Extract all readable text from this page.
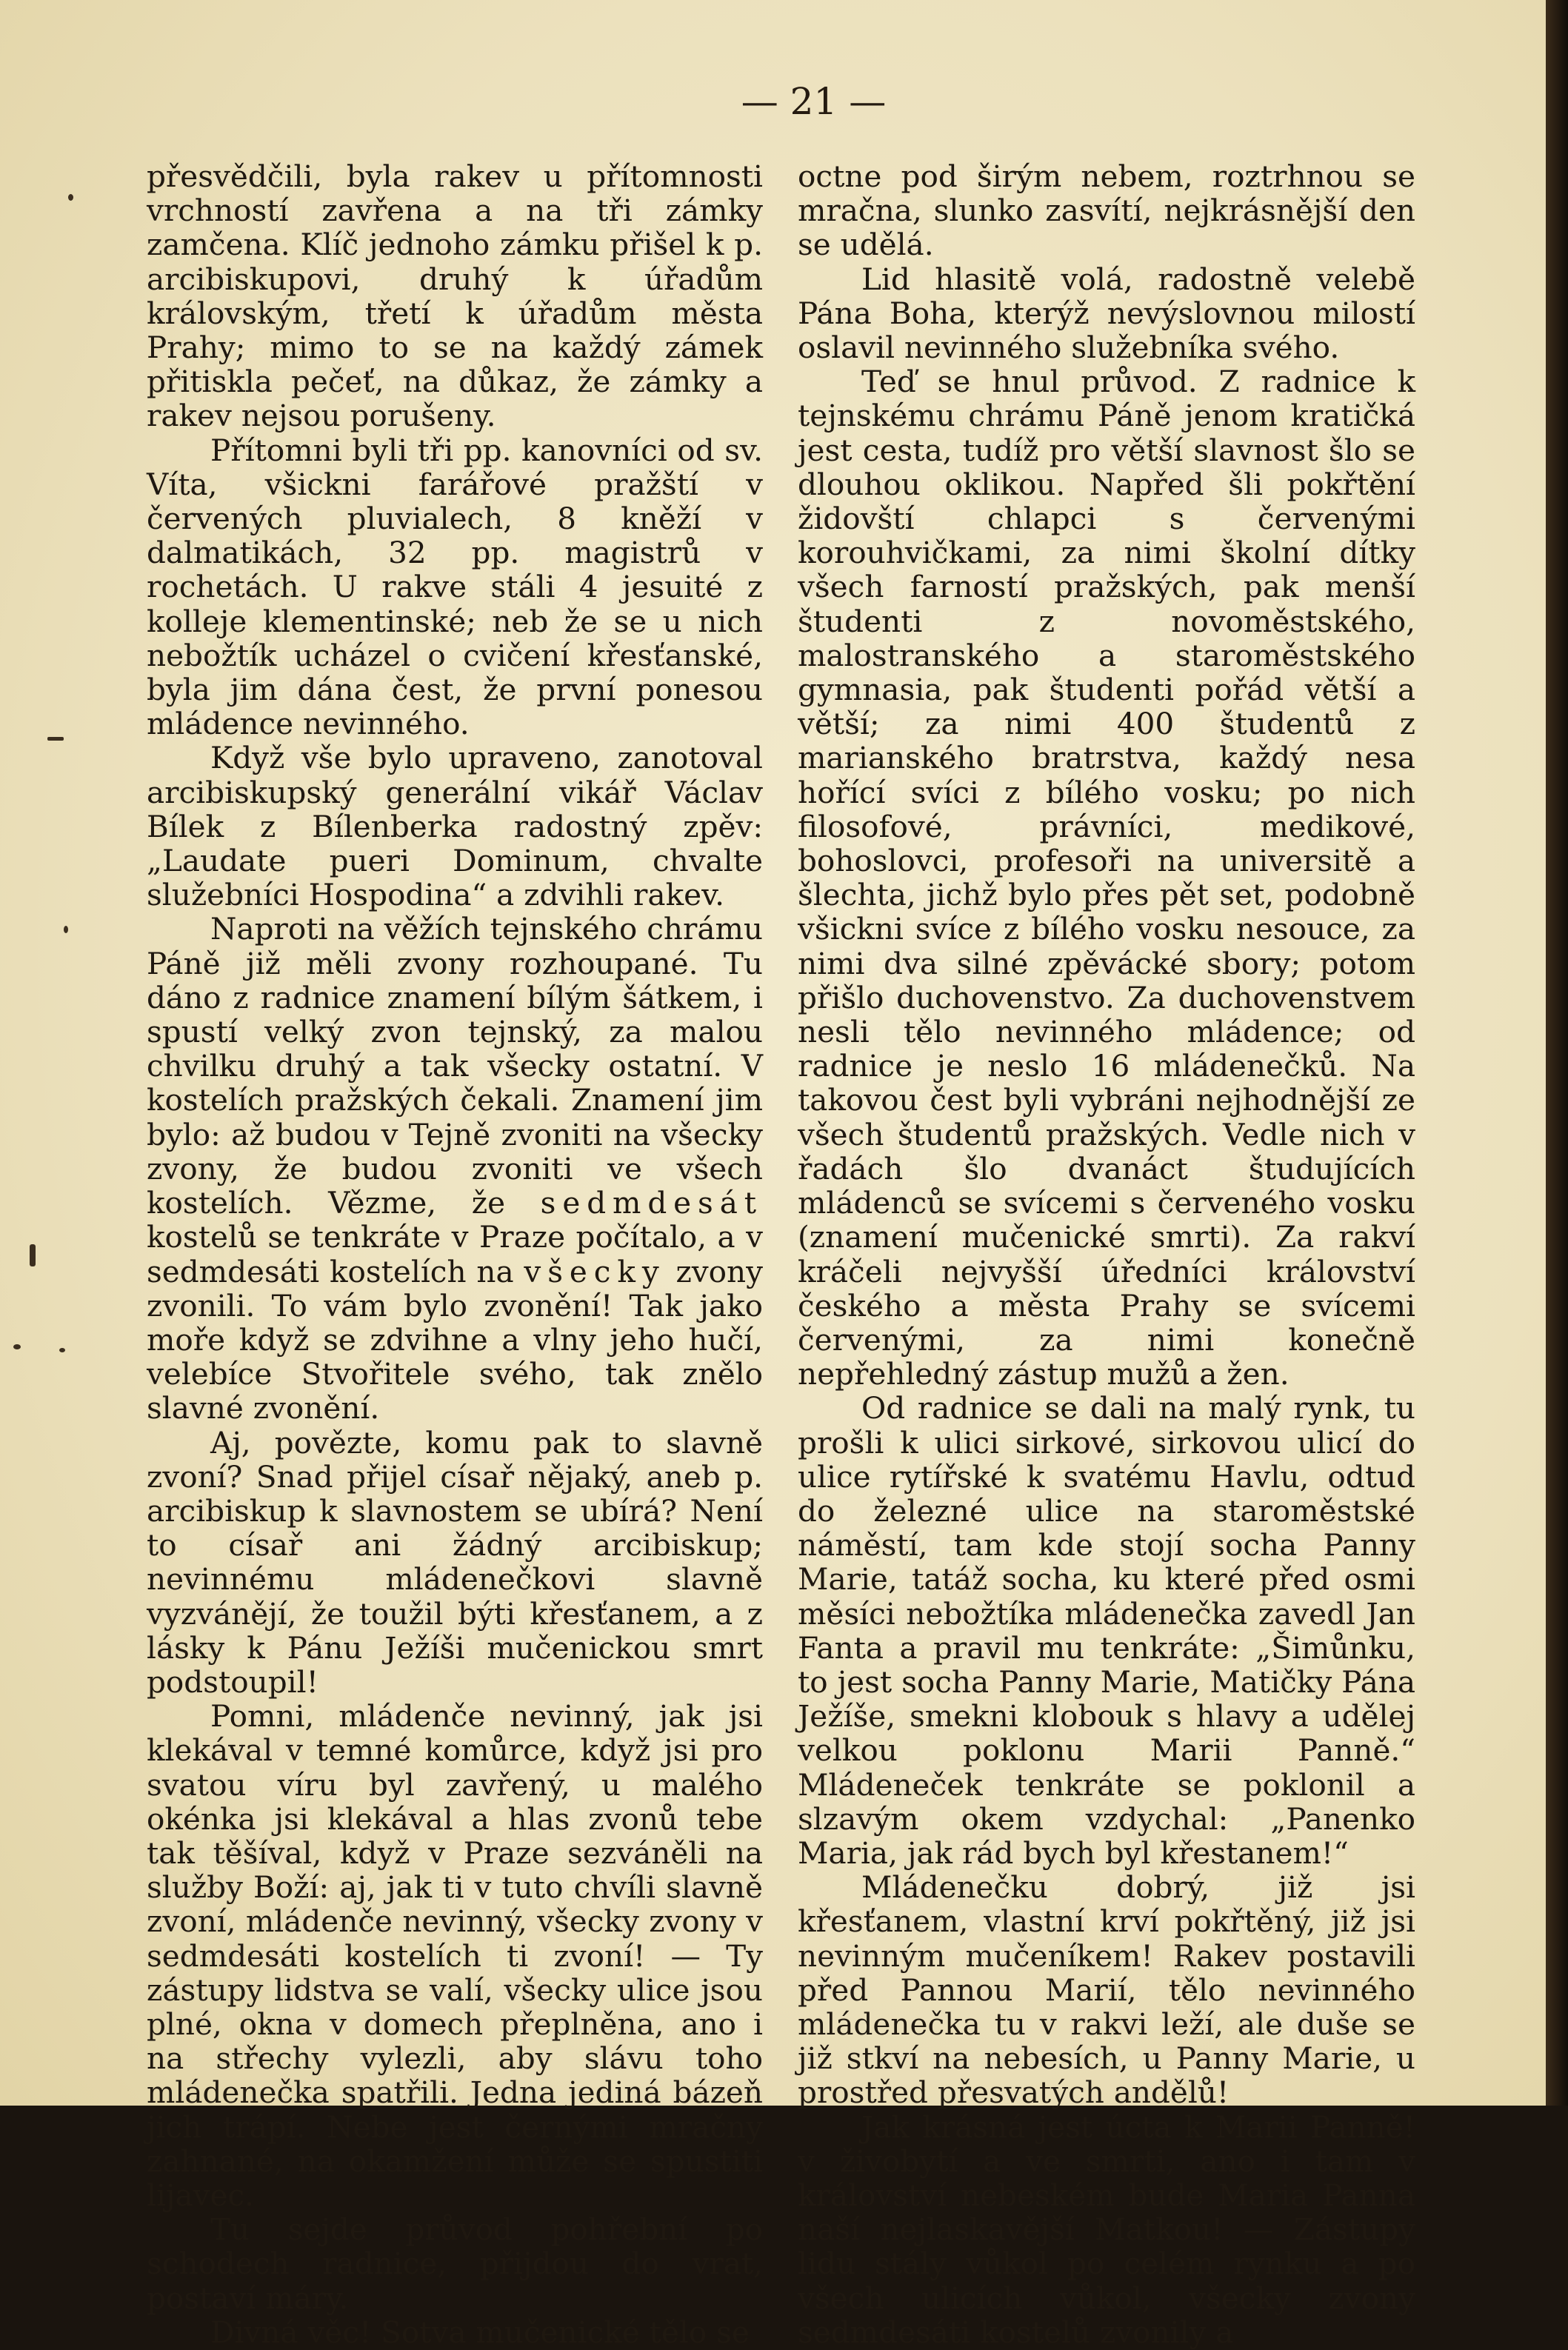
— 21 —

přesvědčili, byla rakev u přítomnosti vrchností zavřena a na tři zámky zamčena. Klíč jednoho zámku přišel k p. arcibiskupovi, druhý k úřadům královským, třetí k úřadům města Prahy; mimo to se na každý zámek přitiskla pečeť, na důkaz, že zámky a rakev nejsou porušeny.

Přítomni byli tři pp. kanovníci od sv. Víta, všickni farářové pražští v červených pluvialech, 8 kněží v dalmatikách, 32 pp. magistrů v rochetách. U rakve stáli 4 jesuité z kolleje klementinské; neb že se u nich nebožtík ucházel o cvičení křesťanské, byla jim dána čest, že první ponesou mládence nevinného.

Když vše bylo upraveno, zanotoval arcibiskupský generální vikář Václav Bílek z Bílenberka radostný zpěv: „Laudate pueri Dominum, chvalte služebníci Hospodina“ a zdvihli rakev.

Naproti na věžích tejnského chrámu Páně již měli zvony rozhoupané. Tu dáno z radnice znamení bílým šátkem, i spustí velký zvon tejnský, za malou chvilku druhý a tak všecky ostatní. V kostelích pražských čekali. Znamení jim bylo: až budou v Tejně zvoniti na všecky zvony, že budou zvoniti ve všech kostelích. Vězme, že sedmdesát kostelů se tenkráte v Praze počítalo, a v sedmdesáti kostelích na všecky zvony zvonili. To vám bylo zvonění! Tak jako moře když se zdvihne a vlny jeho hučí, velebíce Stvořitele svého, tak znělo slavné zvonění.

Aj, povězte, komu pak to slavně zvoní? Snad přijel císař nějaký, aneb p. arcibiskup k slavnostem se ubírá? Není to císař ani žádný arcibiskup; nevinnému mládenečkovi slavně vyzvánějí, že toužil býti křesťanem, a z lásky k Pánu Ježíši mučenickou smrt podstoupil!

Pomni, mládenče nevinný, jak jsi klekával v temné komůrce, když jsi pro svatou víru byl zavřený, u malého okénka jsi klekával a hlas zvonů tebe tak těšíval, když v Praze sezváněli na služby Boží: aj, jak ti v tuto chvíli slavně zvoní, mládenče nevinný, všecky zvony v sedmdesáti kostelích ti zvoní! — Ty zástupy lidstva se valí, všecky ulice jsou plné, okna v domech přeplněna, ano i na střechy vylezli, aby slávu toho mládenečka spatřili. Jedna jediná bázeň jich trápí. Nebe jest černými mračny zahnané, na okamžení může se spustiti lijavec.

Tu sejde průvod pohřební po schodech radnice, přijdou do vrat, postaví máry.

Divná věc! Sotva mučenické tělo se

octne pod širým nebem, roztrhnou se mračna, slunko zasvítí, nejkrásnější den se udělá.

Lid hlasitě volá, radostně velebě Pána Boha, kterýž nevýslovnou milostí oslavil nevinného služebníka svého.

Teď se hnul průvod. Z radnice k tejnskému chrámu Páně jenom kratičká jest cesta, tudíž pro větší slavnost šlo se dlouhou oklikou. Napřed šli pokřtění židovští chlapci s červenými korouhvičkami, za nimi školní dítky všech farností pražských, pak menší študenti z novoměstského, malostranského a staroměstského gymnasia, pak študenti pořád větší a větší; za nimi 400 študentů z marianského bratrstva, každý nesa hořící svíci z bílého vosku; po nich filosofové, právníci, medikové, bohoslovci, profesoři na universitě a šlechta, jichž bylo přes pět set, podobně všickni svíce z bílého vosku nesouce, za nimi dva silné zpěvácké sbory; potom přišlo duchovenstvo. Za duchovenstvem nesli tělo nevinného mládence; od radnice je neslo 16 mládenečků. Na takovou čest byli vybráni nejhodnější ze všech študentů pražských. Vedle nich v řadách šlo dvanáct študujících mládenců se svícemi s červeného vosku (znamení mučenické smrti). Za rakví kráčeli nejvyšší úředníci království českého a města Prahy se svícemi červenými, za nimi konečně nepřehledný zástup mužů a žen.

Od radnice se dali na malý rynk, tu prošli k ulici sirkové, sirkovou ulicí do ulice rytířské k svatému Havlu, odtud do železné ulice na staroměstské náměstí, tam kde stojí socha Panny Marie, tatáž socha, ku které před osmi měsíci nebožtíka mládenečka zavedl Jan Fanta a pravil mu tenkráte: „Šimůnku, to jest socha Panny Marie, Matičky Pána Ježíše, smekni klobouk s hlavy a udělej velkou poklonu Marii Panně.“ Mládeneček tenkráte se poklonil a slzavým okem vzdychal: „Panenko Maria, jak rád bych byl křestanem!“

Mládenečku dobrý, již jsi křesťanem, vlastní krví pokřtěný, již jsi nevinným mučeníkem! Rakev postavili před Pannou Marií, tělo nevinného mládenečka tu v rakvi leží, ale duše se již stkví na nebesích, u Panny Marie, u prostřed přesvatých andělů!

Jak krásná jest úcta k Marii Panně! v živobytí a ve smrti, ano i tam v království nebeském bude Maria Panna naší nejlaskavější Matkou! — Zástupy lidu stály vůkol po celém rynku a po všech ulicích vůkol, všecky zvony sedmdesáti kostelů zvonily a
